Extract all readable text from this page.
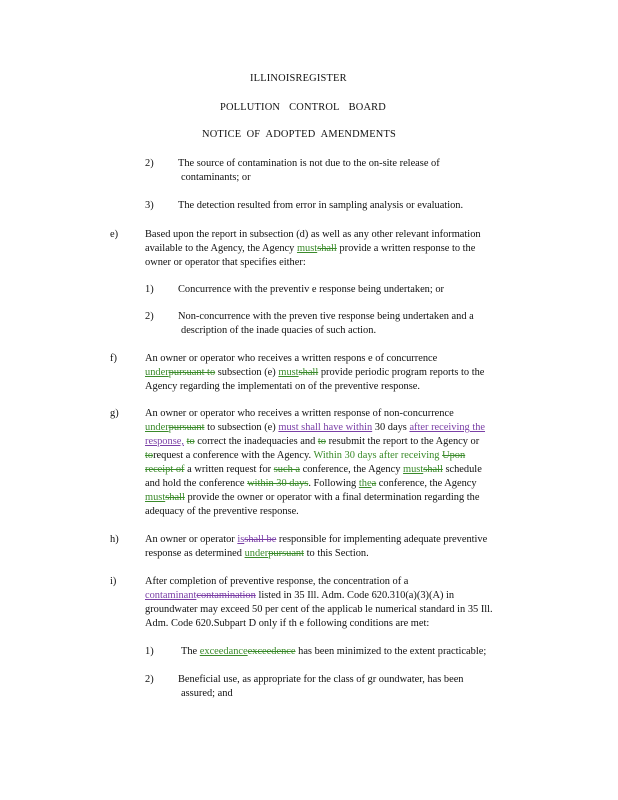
ILLINOISREGISTER
POLLUTION CONTROL BOARD
NOTICE OF ADOPTED AMENDMENTS
2) The source of contamination is not due to the on-site release of
contaminants; or
3) The detection resulted from error in sampling analysis or evaluation.
e)	Based upon the report in subsection (d) as well as any other relevant information
available to the Agency, the Agency mustshall provide a written response to the
owner or operator that specifies either:
1) Concurrence with the preventiv e response being undertaken; or
2) Non-concurrence with the preven tive response being undertaken and a
description of the inade quacies of such action.
f)	An owner or operator who receives a written respons e of concurrence
underpursuant to subsection (e) mustshall provide periodic program reports to the
Agency regarding the implementati on of the preventive response.
g)	An owner or operator who receives a written response of non-concurrence
underpursuant to subsection (e) must shall have within 30 days after receiving the
response, to correct the inadequacies and to resubmit the report to the Agency or
torequest a conference with the Agency. Within 30 days after receiving Upon
receipt of a written request for such a conference, the Agency mustshall schedule
and hold the conference within 30 days. Following thea conference, the Agency
mustshall provide the owner or operator with a final determination regarding the
adequacy of the preventive response.
h)	An owner or operator isshall be responsible for implementing adequate preventive
response as determined underpursuant to this Section.
i)	After completion of preventive response, the concentration of a
contaminantcontamination listed in 35 Ill. Adm. Code 620.310(a)(3)(A) in
groundwater may exceed 50 per cent of the applicab le numerical standard in 35 Ill.
Adm. Code 620.Subpart D only if th e following conditions are met:
1)	The exceedanceexceedence has been minimized to the extent practicable;
2) Beneficial use, as appropriate for the class of gr oundwater, has been
assured; and
